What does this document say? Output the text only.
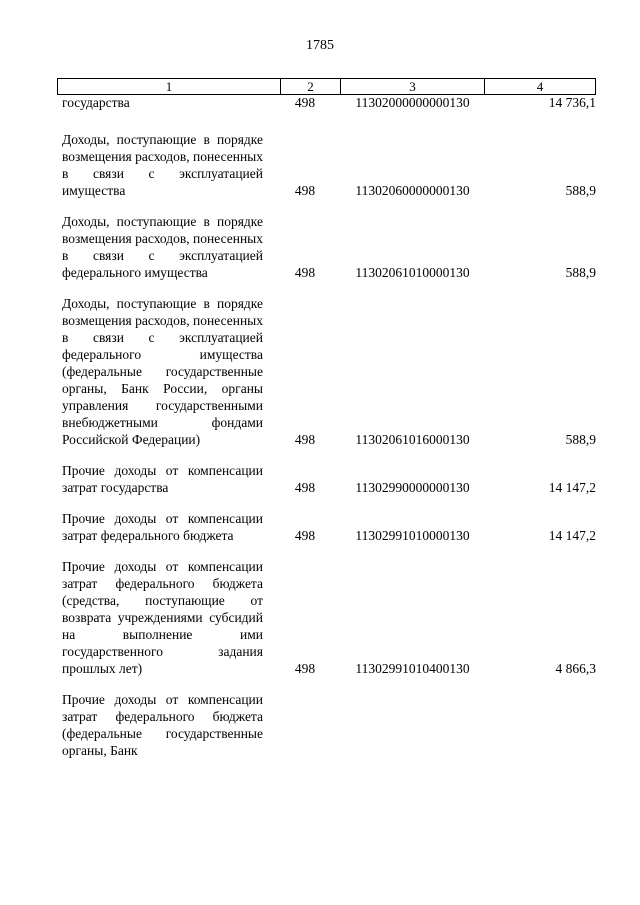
1785
1	2	3	4
государства	498	11302000000000130	14 736,1
Доходы, поступающие в порядке возмещения расходов, понесенных в связи с эксплуатацией имущества	498	11302060000000130	588,9
Доходы, поступающие в порядке возмещения расходов, понесенных в связи с эксплуатацией федерального имущества	498	11302061010000130	588,9
Доходы, поступающие в порядке возмещения расходов, понесенных в связи с эксплуатацией федерального имущества (федеральные государственные органы, Банк России, органы управления государственными внебюджетными фондами Российской Федерации)	498	11302061016000130	588,9
Прочие доходы от компенсации затрат государства	498	11302990000000130	14 147,2
Прочие доходы от компенсации затрат федерального бюджета	498	11302991010000130	14 147,2
Прочие доходы от компенсации затрат федерального бюджета (средства, поступающие от возврата учреждениями субсидий на выполнение ими государственного задания прошлых лет)	498	11302991010400130	4 866,3
Прочие доходы от компенсации затрат федерального бюджета (федеральные государственные органы, Банк
